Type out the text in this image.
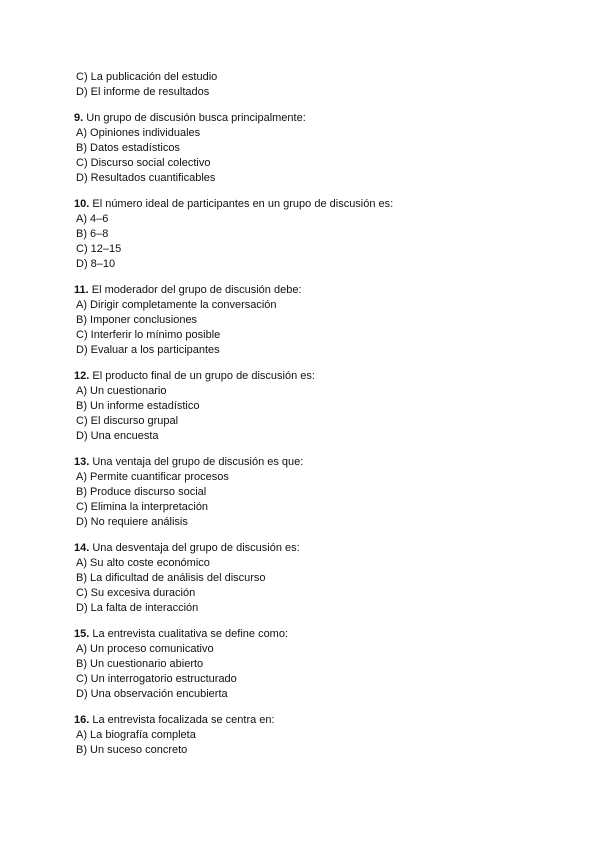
C) La publicación del estudio
D) El informe de resultados
9. Un grupo de discusión busca principalmente:
A) Opiniones individuales
B) Datos estadísticos
C) Discurso social colectivo
D) Resultados cuantificables
10. El número ideal de participantes en un grupo de discusión es:
A) 4–6
B) 6–8
C) 12–15
D) 8–10
11. El moderador del grupo de discusión debe:
A) Dirigir completamente la conversación
B) Imponer conclusiones
C) Interferir lo mínimo posible
D) Evaluar a los participantes
12. El producto final de un grupo de discusión es:
A) Un cuestionario
B) Un informe estadístico
C) El discurso grupal
D) Una encuesta
13. Una ventaja del grupo de discusión es que:
A) Permite cuantificar procesos
B) Produce discurso social
C) Elimina la interpretación
D) No requiere análisis
14. Una desventaja del grupo de discusión es:
A) Su alto coste económico
B) La dificultad de análisis del discurso
C) Su excesiva duración
D) La falta de interacción
15. La entrevista cualitativa se define como:
A) Un proceso comunicativo
B) Un cuestionario abierto
C) Un interrogatorio estructurado
D) Una observación encubierta
16. La entrevista focalizada se centra en:
A) La biografía completa
B) Un suceso concreto
